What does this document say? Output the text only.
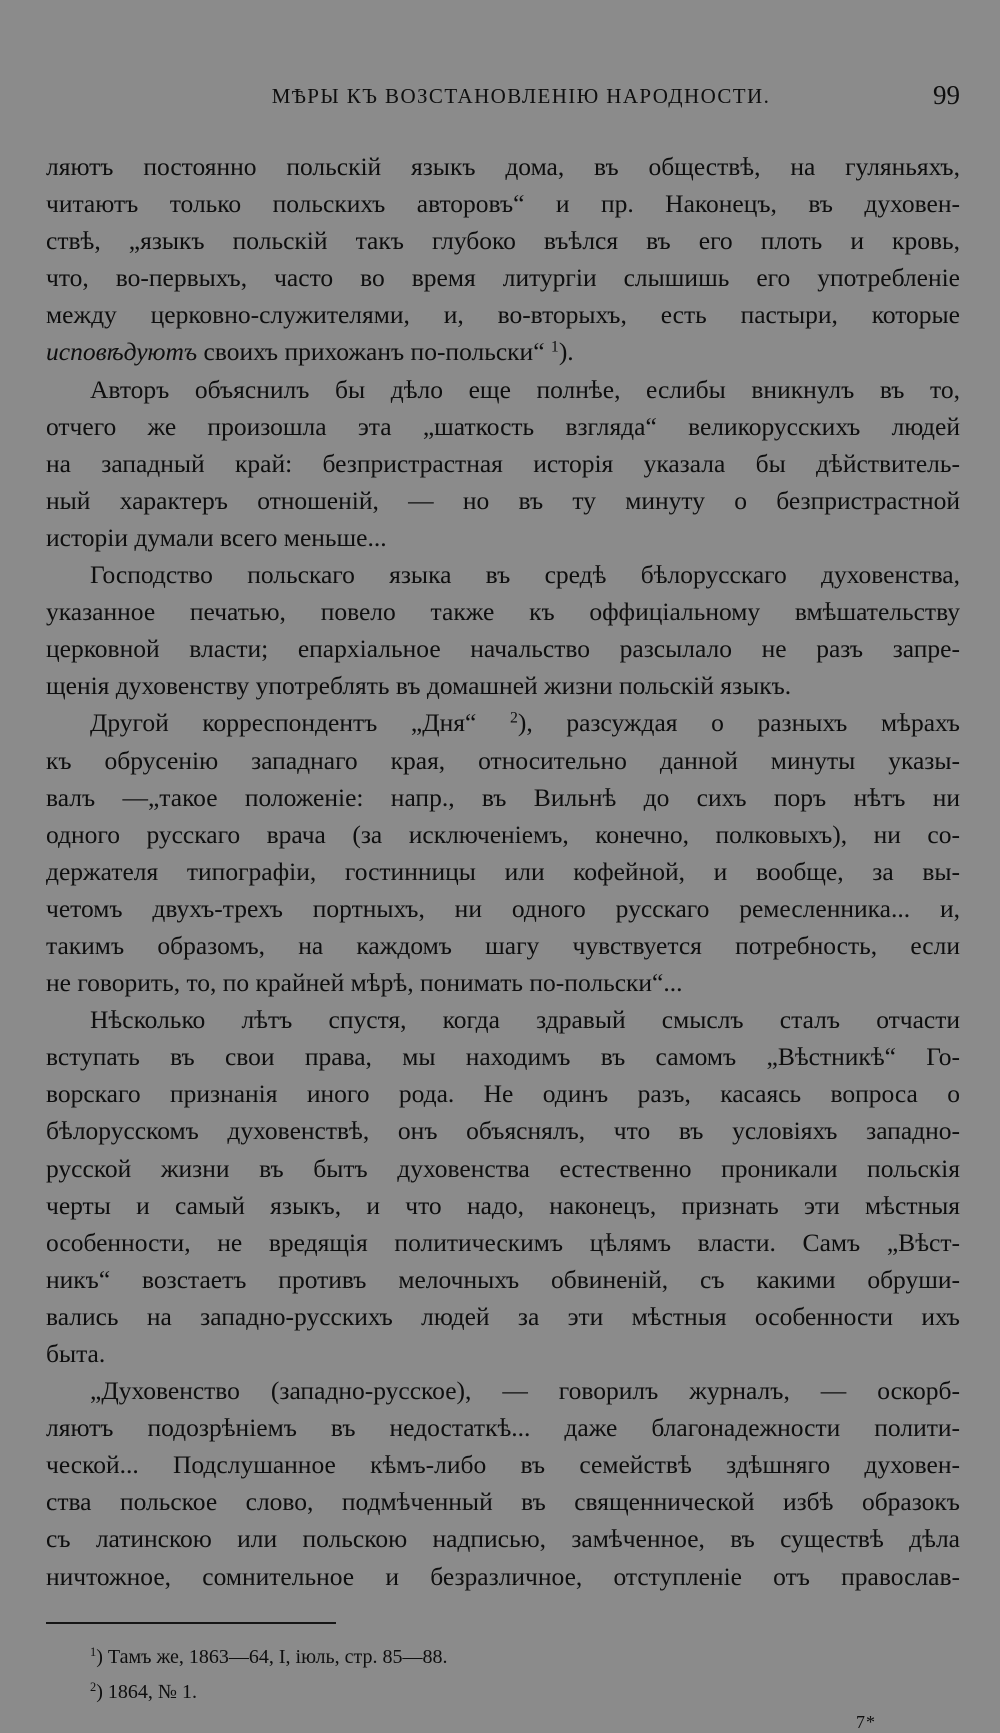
МѢРЫ КЪ ВОЗСТАНОВЛЕНІЮ НАРОДНОСТИ.	99
ляютъ постоянно польскій языкъ дома, въ обществѣ, на гуляньяхъ,
читаютъ только польскихъ авторовъ“ и пр. Наконецъ, въ духовен-
ствѣ, „языкъ польскій такъ глубоко въѣлся въ его плоть и кровь,
что, во-первыхъ, часто во время литургіи слышишь его употребленіе
между церковно-служителями, и, во-вторыхъ, есть пастыри, которые
исповѣдуютъ своихъ прихожанъ по-польски“ $^1$).
Авторъ объяснилъ бы дѣло еще полнѣе, еслибы вникнулъ въ то,
отчего же произошла эта „шаткость взгляда“ великорусскихъ людей
на западный край: безпристрастная исторія указала бы дѣйствитель-
ный характеръ отношеній, — но въ ту минуту о безпристрастной
исторіи думали всего меньше...
Господство польскаго языка въ средѣ бѣлорусскаго духовенства,
указанное печатью, повело также къ оффиціальному вмѣшательству
церковной власти; епархіальное начальство разсылало не разъ запре-
щенія духовенству употреблять въ домашней жизни польскій языкъ.
Другой корреспондентъ „Дня“ $^2$), разсуждая о разныхъ мѣрахъ
къ обрусенію западнаго края, относительно данной минуты указы-
валъ —„такое положеніе: напр., въ Вильнѣ до сихъ поръ нѣтъ ни
одного русскаго врача (за исключеніемъ, конечно, полковыхъ), ни со-
держателя типографіи, гостинницы или кофейной, и вообще, за вы-
четомъ двухъ-трехъ портныхъ, ни одного русскаго ремесленника... и,
такимъ образомъ, на каждомъ шагу чувствуется потребность, если
не говорить, то, по крайней мѣрѣ, понимать по-польски“...
Нѣсколько лѣтъ спустя, когда здравый смыслъ сталъ отчасти
вступать въ свои права, мы находимъ въ самомъ „Вѣстникѣ“ Го-
ворскаго признанія иного рода. Не одинъ разъ, касаясь вопроса о
бѣлорусскомъ духовенствѣ, онъ объяснялъ, что въ условіяхъ западно-
русской жизни въ бытъ духовенства естественно проникали польскія
черты и самый языкъ, и что надо, наконецъ, признать эти мѣстныя
особенности, не вредящія политическимъ цѣлямъ власти. Самъ „Вѣст-
никъ“ возстаетъ противъ мелочныхъ обвиненій, съ какими обруши-
вались на западно-русскихъ людей за эти мѣстныя особенности ихъ
быта.
„Духовенство (западно-русское), — говорилъ журналъ, — оскорб-
ляютъ подозрѣніемъ въ недостаткѣ... даже благонадежности полити-
ческой... Подслушанное кѣмъ-либо въ семействѣ здѣшняго духовен-
ства польское слово, подмѣченный въ священнической избѣ образокъ
съ латинскою или польскою надписью, замѣченное, въ существѣ дѣла
ничтожное, сомнительное и безразличное, отступленіе отъ православ-
$^1$) Тамъ же, 1863—64, I, іюль, стр. 85—88.
$^2$) 1864, № 1.
7*
